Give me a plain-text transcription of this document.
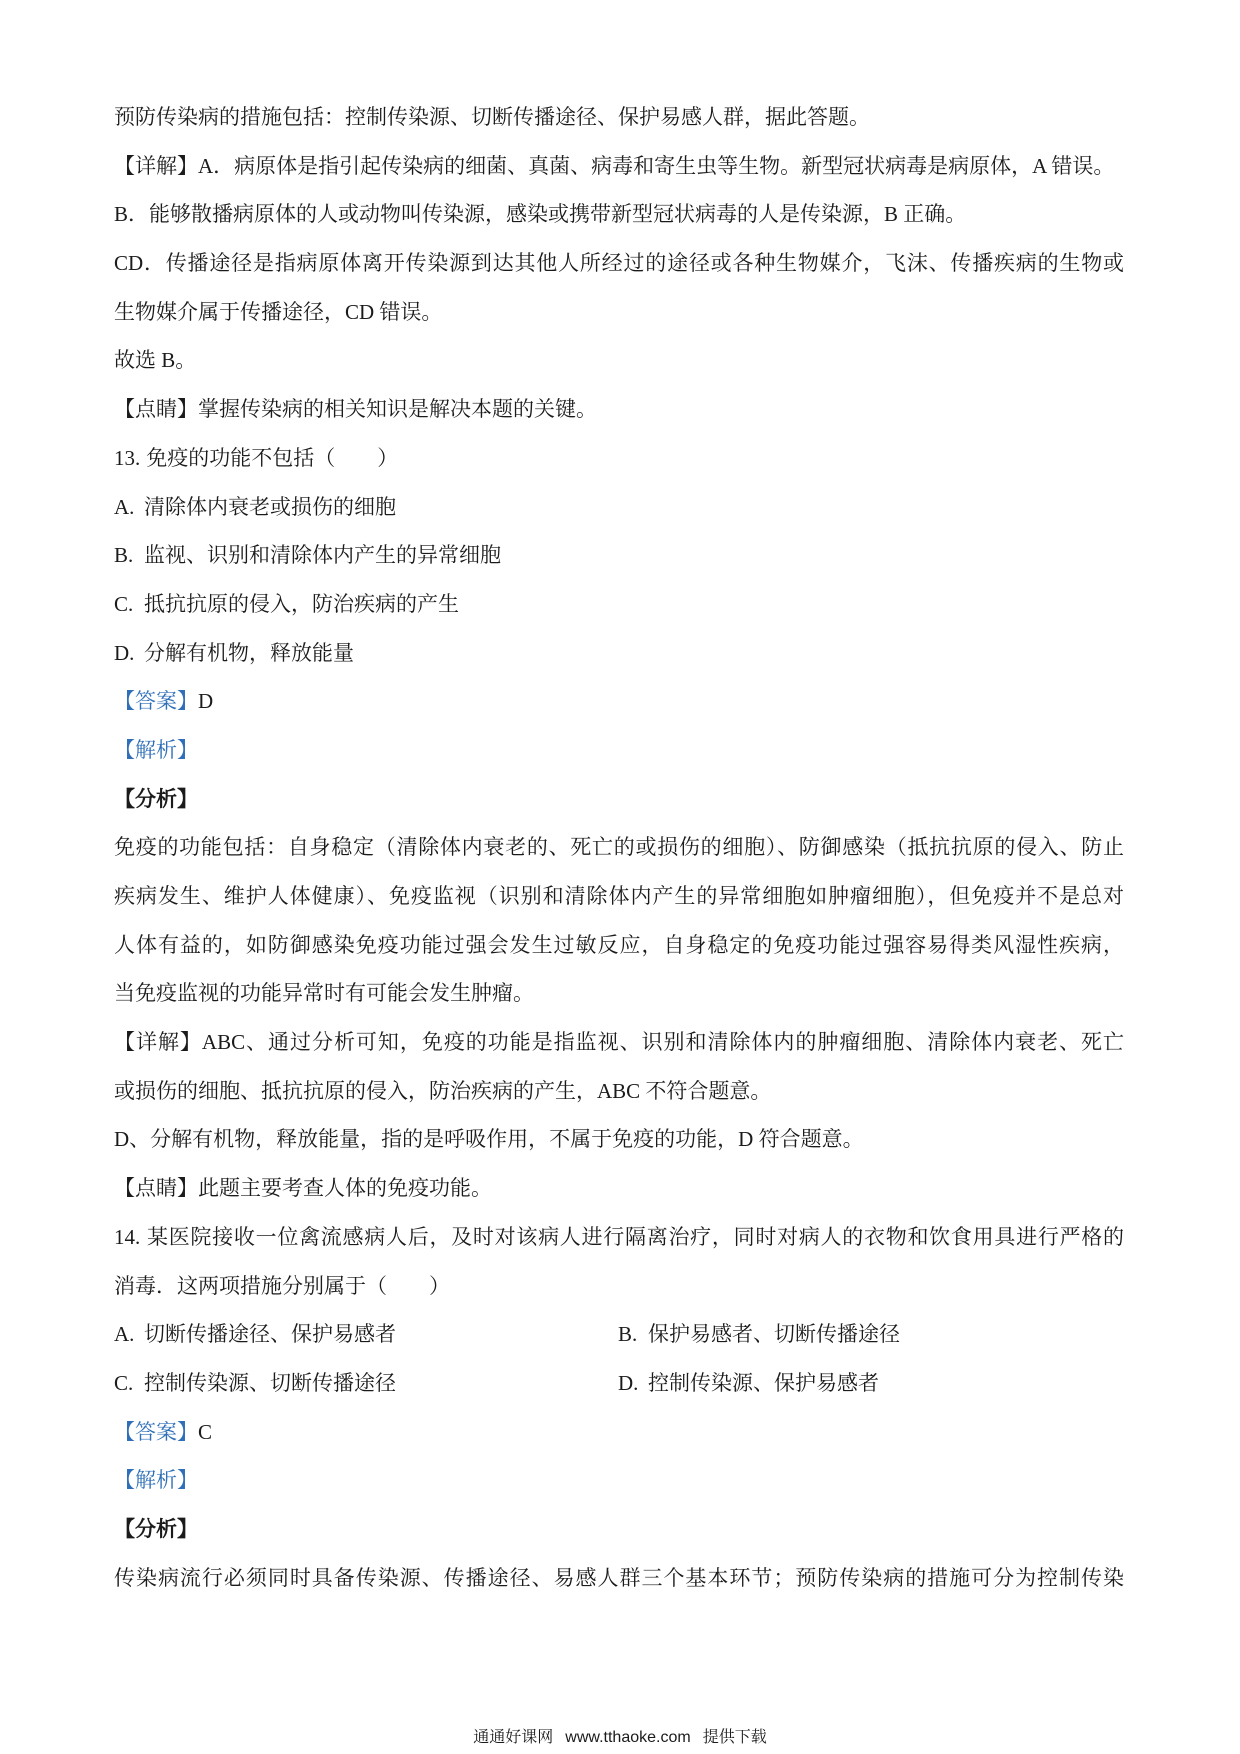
预防传染病的措施包括：控制传染源、切断传播途径、保护易感人群，据此答题。
【详解】A．病原体是指引起传染病的细菌、真菌、病毒和寄生虫等生物。新型冠状病毒是病原体，A 错误。
B．能够散播病原体的人或动物叫传染源，感染或携带新型冠状病毒的人是传染源，B 正确。
CD．传播途径是指病原体离开传染源到达其他人所经过的途径或各种生物媒介，飞沫、传播疾病的生物或
生物媒介属于传播途径，CD 错误。
故选 B。
【点睛】掌握传染病的相关知识是解决本题的关键。
13. 免疫的功能不包括（　　）
A. 清除体内衰老或损伤的细胞
B. 监视、识别和清除体内产生的异常细胞
C. 抵抗抗原的侵入，防治疾病的产生
D. 分解有机物，释放能量
【答案】D
【解析】
【分析】
免疫的功能包括：自身稳定（清除体内衰老的、死亡的或损伤的细胞）、防御感染（抵抗抗原的侵入、防止
疾病发生、维护人体健康）、免疫监视（识别和清除体内产生的异常细胞如肿瘤细胞），但免疫并不是总对
人体有益的，如防御感染免疫功能过强会发生过敏反应，自身稳定的免疫功能过强容易得类风湿性疾病，
当免疫监视的功能异常时有可能会发生肿瘤。
【详解】ABC、通过分析可知，免疫的功能是指监视、识别和清除体内的肿瘤细胞、清除体内衰老、死亡
或损伤的细胞、抵抗抗原的侵入，防治疾病的产生，ABC 不符合题意。
D、分解有机物，释放能量，指的是呼吸作用，不属于免疫的功能，D 符合题意。
【点睛】此题主要考查人体的免疫功能。
14. 某医院接收一位禽流感病人后，及时对该病人进行隔离治疗，同时对病人的衣物和饮食用具进行严格的
消毒．这两项措施分别属于（　　）
A. 切断传播途径、保护易感者	B. 保护易感者、切断传播途径
C. 控制传染源、切断传播途径	D. 控制传染源、保护易感者
【答案】C
【解析】
【分析】
传染病流行必须同时具备传染源、传播途径、易感人群三个基本环节；预防传染病的措施可分为控制传染
通通好课网 www.tthaoke.com 提供下载
